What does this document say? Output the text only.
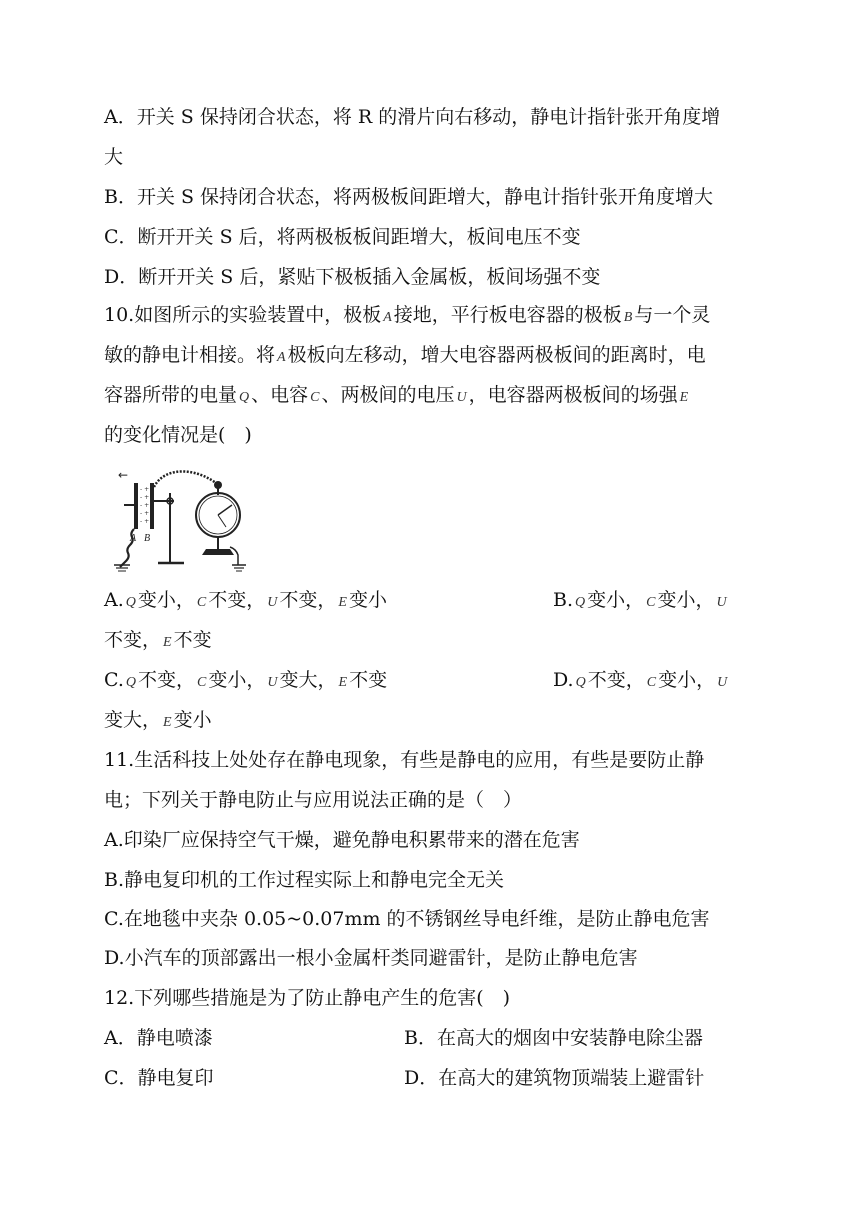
A．开关 S 保持闭合状态，将 R 的滑片向右移动，静电计指针张开角度增
大
B．开关 S 保持闭合状态，将两极板间距增大，静电计指针张开角度增大
C．断开开关 S 后，将两极板板间距增大，板间电压不变
D．断开开关 S 后，紧贴下极板插入金属板，板间场强不变
10.如图所示的实验装置中，极板 A 接地，平行板电容器的极板 B 与一个灵
敏的静电计相接。将 A 极板向左移动，增大电容器两极板间的距离时，电
容器所带的电量 Q 、电容 C 、两极间的电压 U ，电容器两极板间的场强 E
的变化情况是(　)
←
- +
- +
- +
- +
- +
A B
A. Q 变小， C 不变， U 不变， E 变小	B. Q 变小， C 变小， U
不变， E 不变
C. Q 不变， C 变小， U 变大， E 不变	D. Q 不变， C 变小， U
变大， E 变小
11.生活科技上处处存在静电现象，有些是静电的应用，有些是要防止静
电；下列关于静电防止与应用说法正确的是（　）
A.印染厂应保持空气干燥，避免静电积累带来的潜在危害
B.静电复印机的工作过程实际上和静电完全无关
C.在地毯中夹杂 0.05~0.07mm 的不锈钢丝导电纤维，是防止静电危害
D.小汽车的顶部露出一根小金属杆类同避雷针，是防止静电危害
12.下列哪些措施是为了防止静电产生的危害(　)
A．静电喷漆	B．在高大的烟囱中安装静电除尘器
C．静电复印	D．在高大的建筑物顶端装上避雷针
